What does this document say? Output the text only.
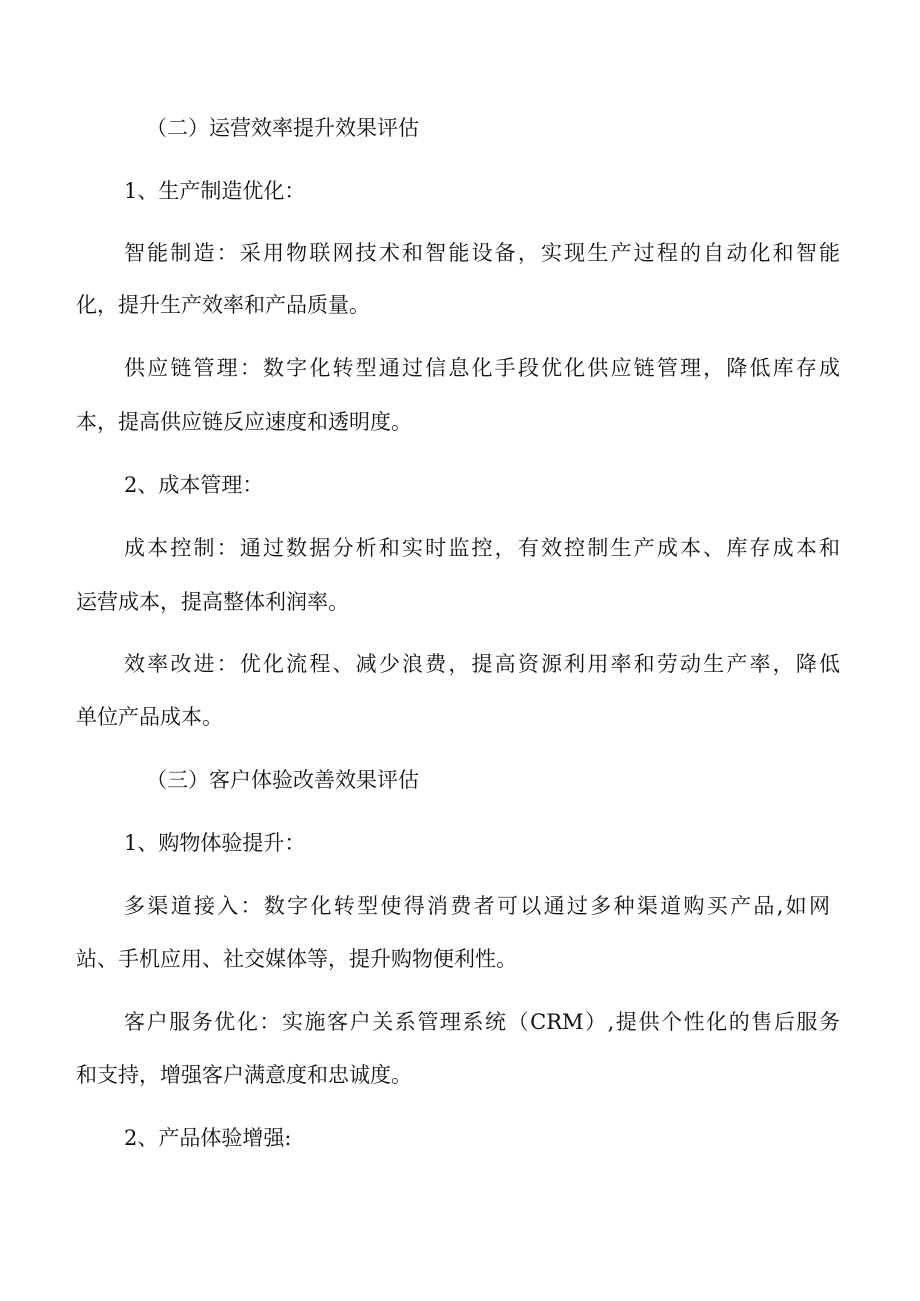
（二）运营效率提升效果评估

1、生产制造优化：

智能制造：采用物联网技术和智能设备，实现生产过程的自动化和智能

化，提升生产效率和产品质量。

供应链管理：数字化转型通过信息化手段优化供应链管理，降低库存成

本，提高供应链反应速度和透明度。

2、成本管理：

成本控制：通过数据分析和实时监控，有效控制生产成本、库存成本和

运营成本，提高整体利润率。

效率改进：优化流程、减少浪费，提高资源利用率和劳动生产率，降低

单位产品成本。

（三）客户体验改善效果评估

1、购物体验提升：

多渠道接入：数字化转型使得消费者可以通过多种渠道购买产品,如网

站、手机应用、社交媒体等，提升购物便利性。

客户服务优化：实施客户关系管理系统（CRM）,提供个性化的售后服务

和支持，增强客户满意度和忠诚度。

2、产品体验增强:
